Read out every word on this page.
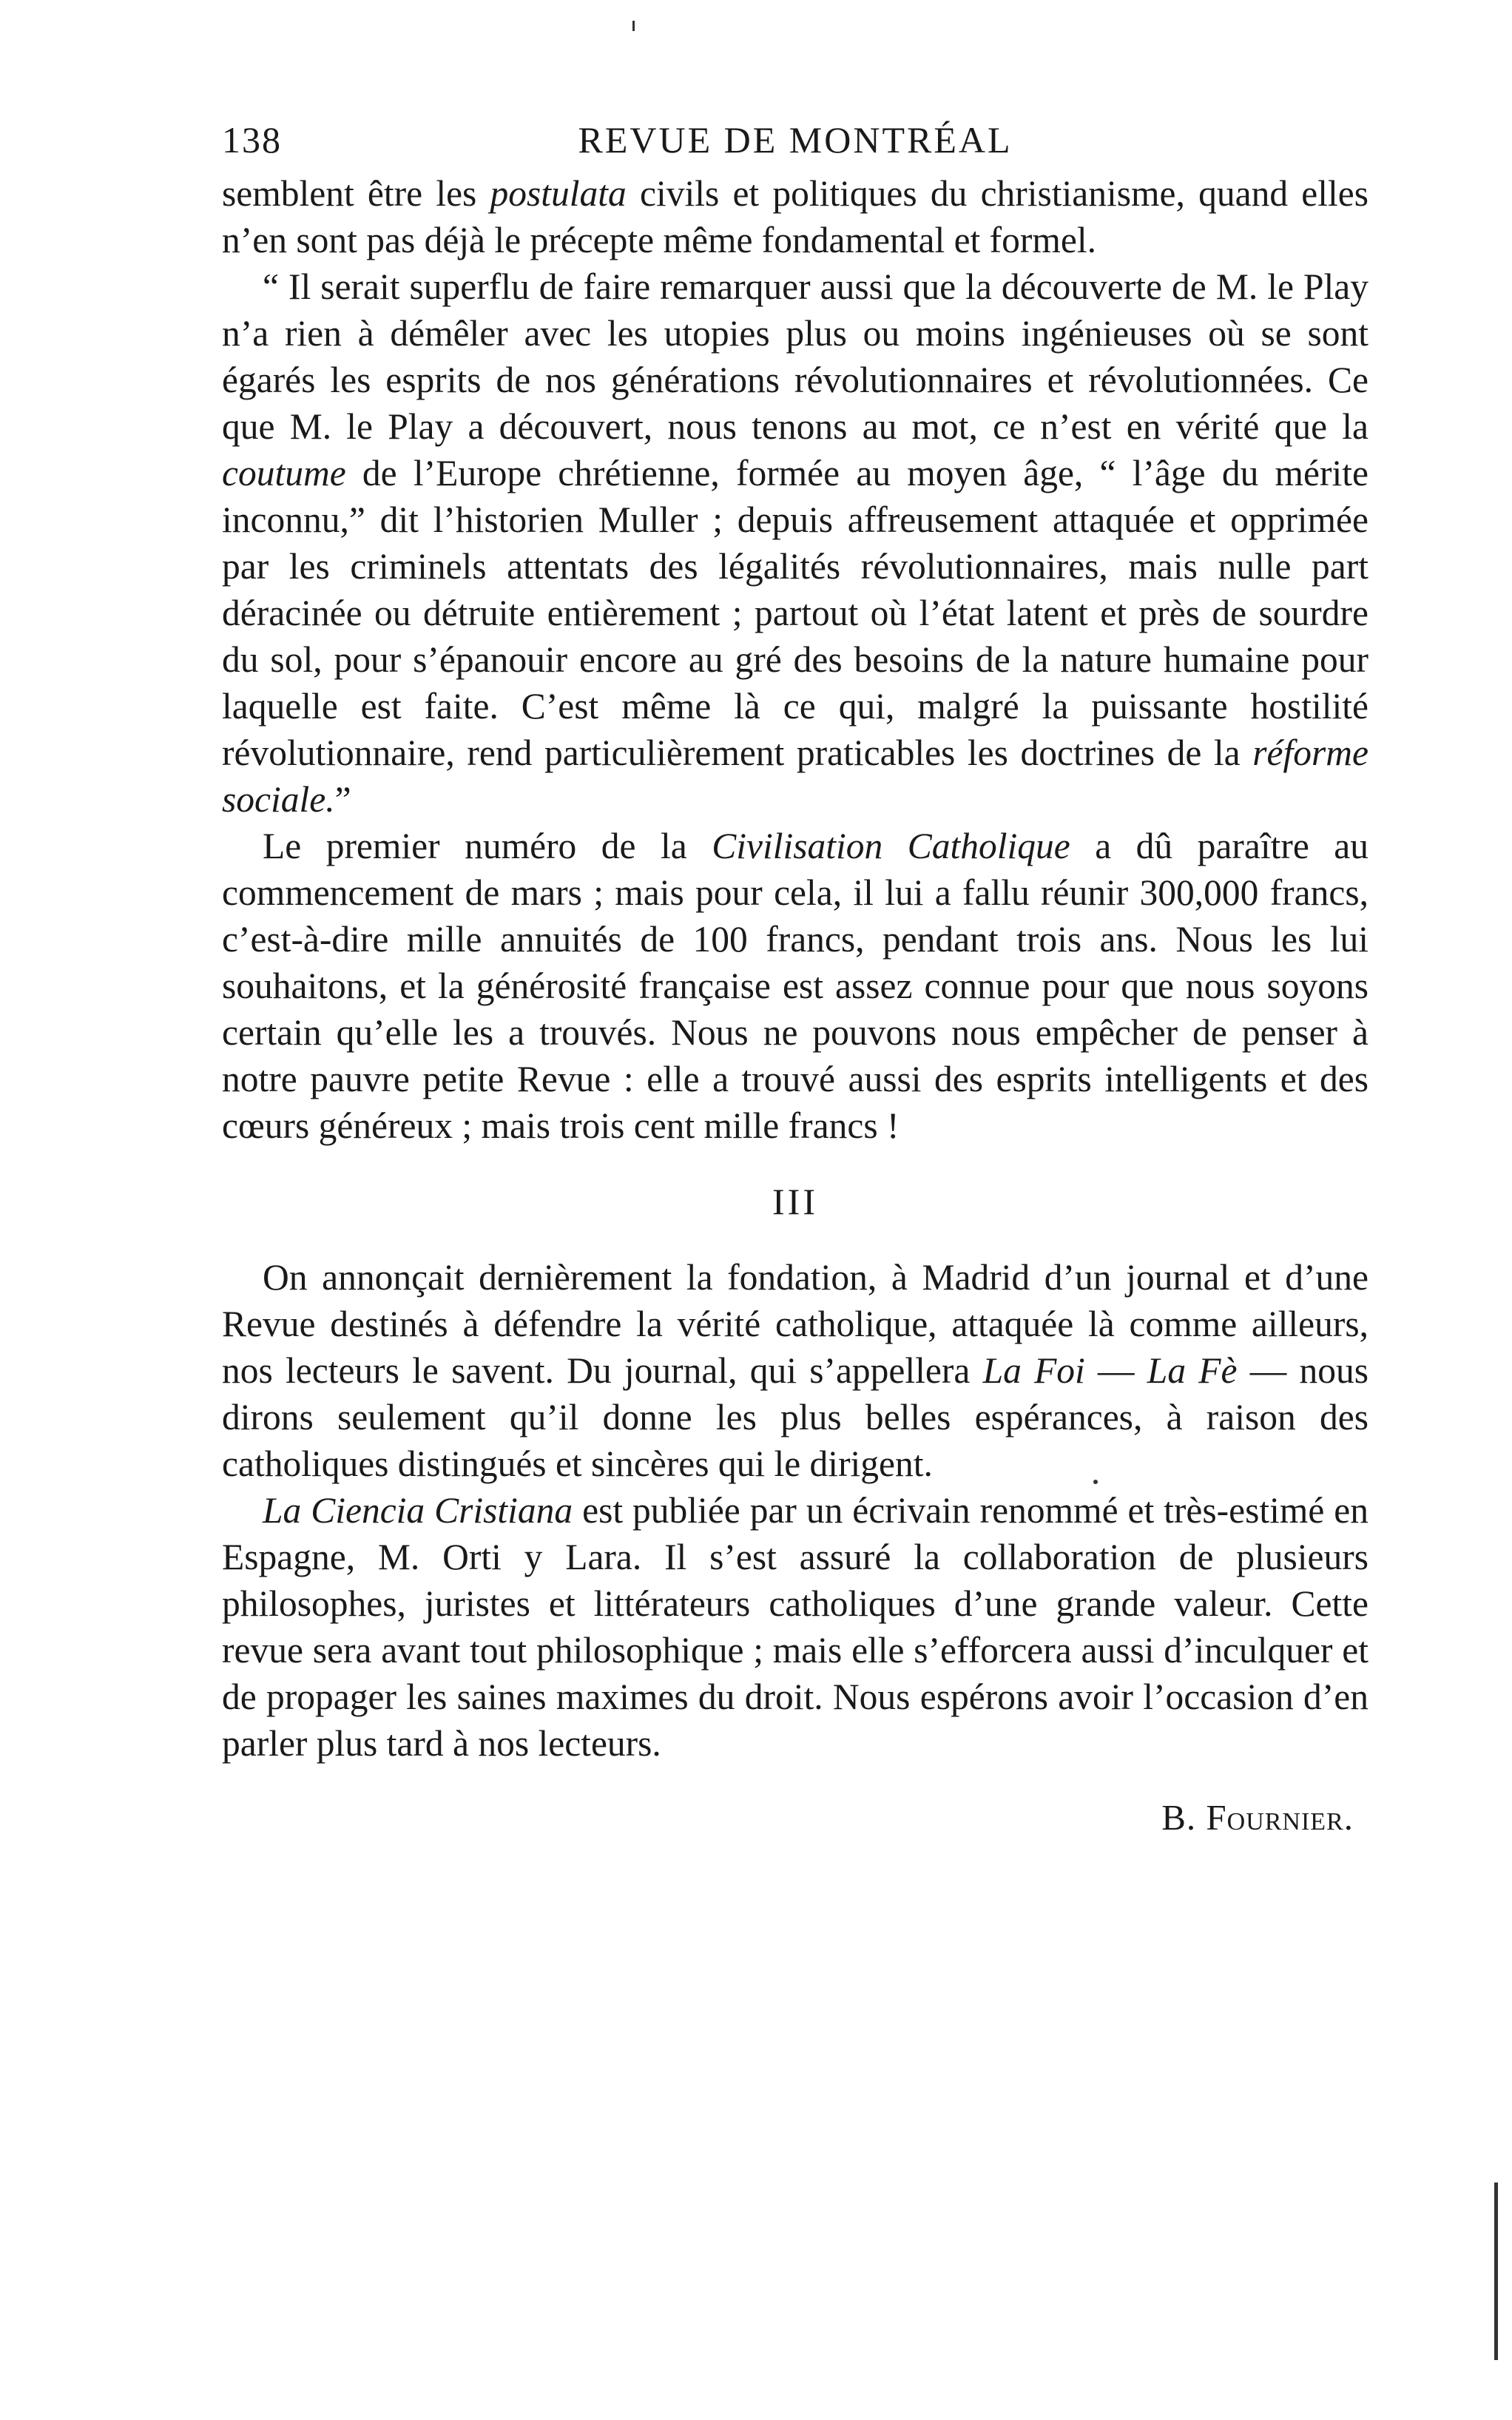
138	REVUE DE MONTRÉAL

semblent être les postulata civils et politiques du christianisme, quand elles n’en sont pas déjà le précepte même fondamental et formel.

“ Il serait superflu de faire remarquer aussi que la découverte de M. le Play n’a rien à démêler avec les utopies plus ou moins ingénieuses où se sont égarés les esprits de nos générations révolutionnaires et révolutionnées. Ce que M. le Play a découvert, nous tenons au mot, ce n’est en vérité que la coutume de l’Europe chrétienne, formée au moyen âge, “ l’âge du mérite inconnu,” dit l’historien Muller ; depuis affreusement attaquée et opprimée par les criminels attentats des légalités révolutionnaires, mais nulle part déracinée ou détruite entièrement ; partout où l’état latent et près de sourdre du sol, pour s’épanouir encore au gré des besoins de la nature humaine pour laquelle est faite. C’est même là ce qui, malgré la puissante hostilité révolutionnaire, rend particulièrement praticables les doctrines de la réforme sociale.”

Le premier numéro de la Civilisation Catholique a dû paraître au commencement de mars ; mais pour cela, il lui a fallu réunir 300,000 francs, c’est-à-dire mille annuités de 100 francs, pendant trois ans. Nous les lui souhaitons, et la générosité française est assez connue pour que nous soyons certain qu’elle les a trouvés. Nous ne pouvons nous empêcher de penser à notre pauvre petite Revue : elle a trouvé aussi des esprits intelligents et des cœurs généreux ; mais trois cent mille francs !

III

On annonçait dernièrement la fondation, à Madrid d’un journal et d’une Revue destinés à défendre la vérité catholique, attaquée là comme ailleurs, nos lecteurs le savent. Du journal, qui s’appellera La Foi — La Fè — nous dirons seulement qu’il donne les plus belles espérances, à raison des catholiques distingués et sincères qui le dirigent.

La Ciencia Cristiana est publiée par un écrivain renommé et très-estimé en Espagne, M. Orti y Lara. Il s’est assuré la collaboration de plusieurs philosophes, juristes et littérateurs catholiques d’une grande valeur. Cette revue sera avant tout philosophique ; mais elle s’efforcera aussi d’inculquer et de propager les saines maximes du droit. Nous espérons avoir l’occasion d’en parler plus tard à nos lecteurs.

B. Fournier.
